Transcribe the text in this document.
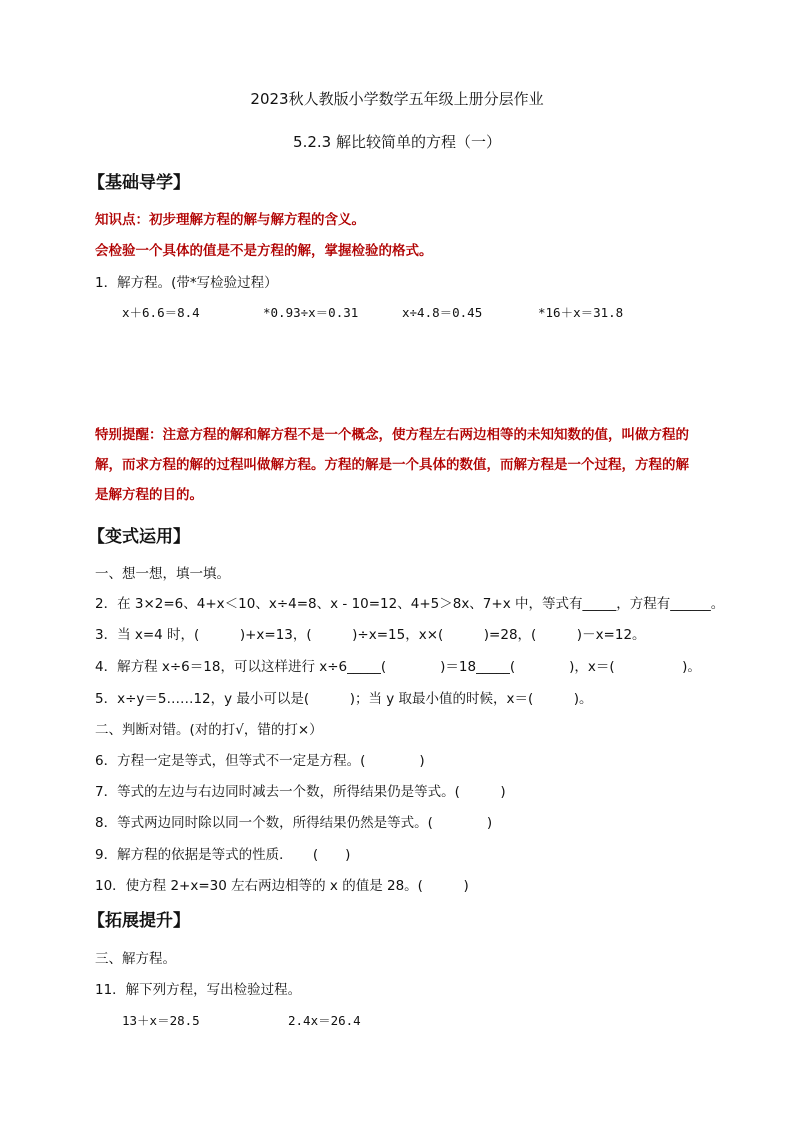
2023秋人教版小学数学五年级上册分层作业
5.2.3 解比较简单的方程（一）
【基础导学】
知识点：初步理解方程的解与解方程的含义。
会检验一个具体的值是不是方程的解，掌握检验的格式。
1．解方程。(带*写检验过程）
x＋6.6＝8.4	*0.93÷x＝0.31	x÷4.8＝0.45	*16＋x＝31.8
特别提醒：注意方程的解和解方程不是一个概念，使方程左右两边相等的未知知数的值，叫做方程的解，而求方程的解的过程叫做解方程。方程的解是一个具体的数值，而解方程是一个过程，方程的解是解方程的目的。
【变式运用】
一、想一想，填一填。
2．在 3×2=6、4+x＜10、x÷4=8、x - 10=12、4+5＞8x、7+x 中，等式有_____，方程有______。
3．当 x=4 时，(　　　)+x=13，(　　　)÷x=15，x×(　　　)=28，(　　　)－x=12。
4．解方程 x÷6＝18，可以这样进行 x÷6_____(　　　　)＝18_____(　　　　)，x＝(　　　　　)。
5．x÷y＝5……12，y 最小可以是(　　　)；当 y 取最小值的时候，x＝(　　　)。
二、判断对错。(对的打√，错的打×）
6．方程一定是等式，但等式不一定是方程。(　　　　)
7．等式的左边与右边同时减去一个数，所得结果仍是等式。(　　　)
8．等式两边同时除以同一个数，所得结果仍然是等式。(　　　　)
9．解方程的依据是等式的性质．　　(　　)
10．使方程 2+x=30 左右两边相等的 x 的值是 28。(　　　)
【拓展提升】
三、解方程。
11．解下列方程，写出检验过程。
13＋x＝28.5	2.4x＝26.4
